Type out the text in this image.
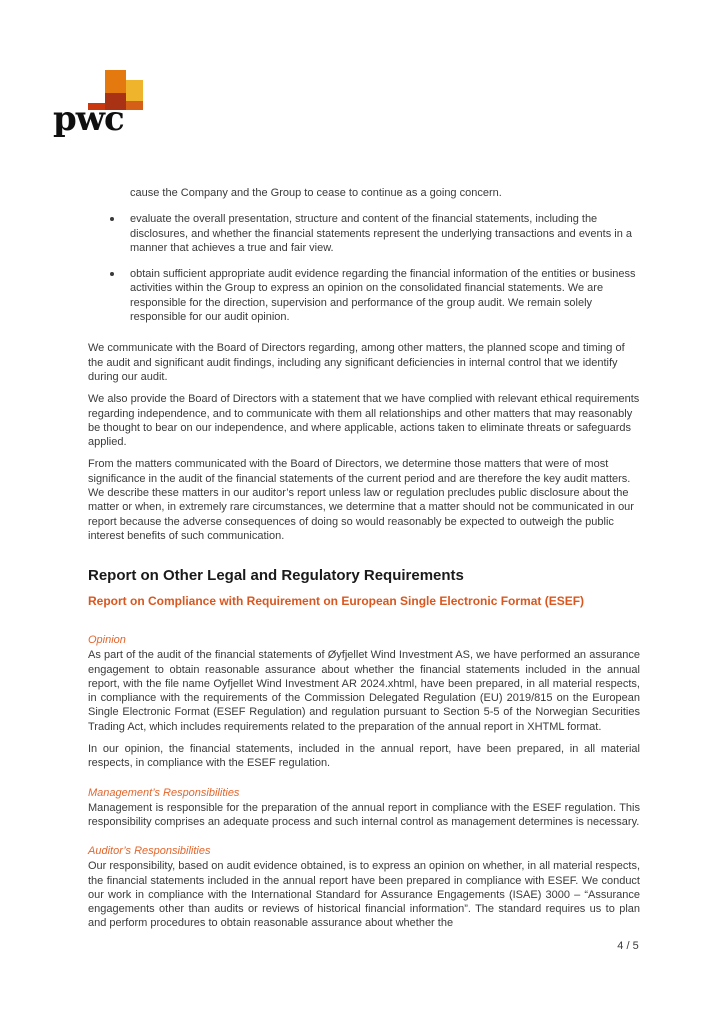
pwc

cause the Company and the Group to cease to continue as a going concern.

evaluate the overall presentation, structure and content of the financial statements, including the disclosures, and whether the financial statements represent the underlying transactions and events in a manner that achieves a true and fair view.
obtain sufficient appropriate audit evidence regarding the financial information of the entities or business activities within the Group to express an opinion on the consolidated financial statements. We are responsible for the direction, supervision and performance of the group audit. We remain solely responsible for our audit opinion.

We communicate with the Board of Directors regarding, among other matters, the planned scope and timing of the audit and significant audit findings, including any significant deficiencies in internal control that we identify during our audit.

We also provide the Board of Directors with a statement that we have complied with relevant ethical requirements regarding independence, and to communicate with them all relationships and other matters that may reasonably be thought to bear on our independence, and where applicable, actions taken to eliminate threats or safeguards applied.

From the matters communicated with the Board of Directors, we determine those matters that were of most significance in the audit of the financial statements of the current period and are therefore the key audit matters. We describe these matters in our auditor’s report unless law or regulation precludes public disclosure about the matter or when, in extremely rare circumstances, we determine that a matter should not be communicated in our report because the adverse consequences of doing so would reasonably be expected to outweigh the public interest benefits of such communication.

Report on Other Legal and Regulatory Requirements
Report on Compliance with Requirement on European Single Electronic Format (ESEF)
Opinion

As part of the audit of the financial statements of Øyfjellet Wind Investment AS, we have performed an assurance engagement to obtain reasonable assurance about whether the financial statements included in the annual report, with the file name Oyfjellet Wind Investment AR 2024.xhtml, have been prepared, in all material respects, in compliance with the requirements of the Commission Delegated Regulation (EU) 2019/815 on the European Single Electronic Format (ESEF Regulation) and regulation pursuant to Section 5-5 of the Norwegian Securities Trading Act, which includes requirements related to the preparation of the annual report in XHTML format.

In our opinion, the financial statements, included in the annual report, have been prepared, in all material respects, in compliance with the ESEF regulation.

Management’s Responsibilities

Management is responsible for the preparation of the annual report in compliance with the ESEF regulation. This responsibility comprises an adequate process and such internal control as management determines is necessary.

Auditor’s Responsibilities

Our responsibility, based on audit evidence obtained, is to express an opinion on whether, in all material respects, the financial statements included in the annual report have been prepared in compliance with ESEF. We conduct our work in compliance with the International Standard for Assurance Engagements (ISAE) 3000 – “Assurance engagements other than audits or reviews of historical financial information”. The standard requires us to plan and perform procedures to obtain reasonable assurance about whether the

4 / 5
